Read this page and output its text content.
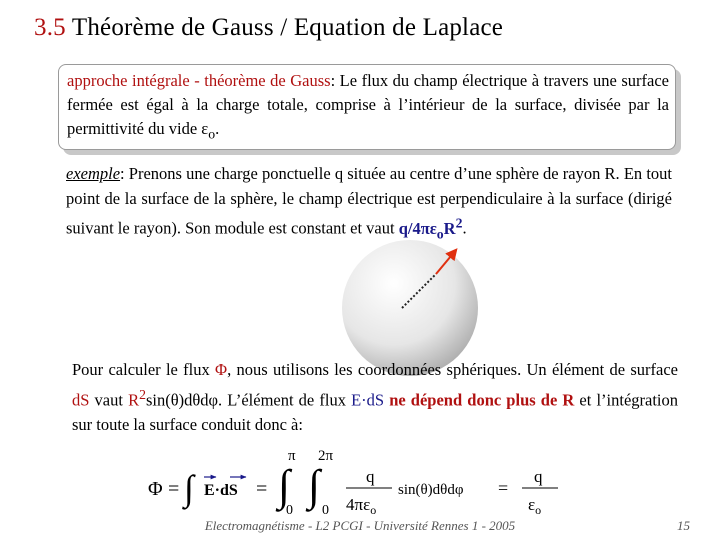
3.5 Théorème de Gauss / Equation de Laplace
approche intégrale - théorème de Gauss: Le flux du champ électrique à travers une surface fermée est égal à la charge totale, comprise à l’intérieur de la surface, divisée par la permittivité du vide $\varepsilon_o$.
exemple: Prenons une charge ponctuelle q située au centre d’une sphère de rayon R. En tout point de la surface de la sphère, le champ électrique est perpendiculaire à la surface (dirigé suivant le rayon). Son module est constant et vaut $q/4\pi\varepsilon_oR^2$.
Pour calculer le flux Φ, nous utilisons les coordonnées sphériques. Un élément de surface dS vaut $R^2\sin(\theta)d\theta d\varphi$. L’élément de flux E·dS ne dépend donc plus de R et l’intégration sur toute la surface conduit donc à:
Φ = ∫ E·dS =
π
∫
0
2π
∫
0
q
$4\pi\varepsilon_o$
sin(θ)dθdφ =
q
$\varepsilon_o$
Electromagnétisme - L2 PCGI - Université Rennes 1 - 2005	15
